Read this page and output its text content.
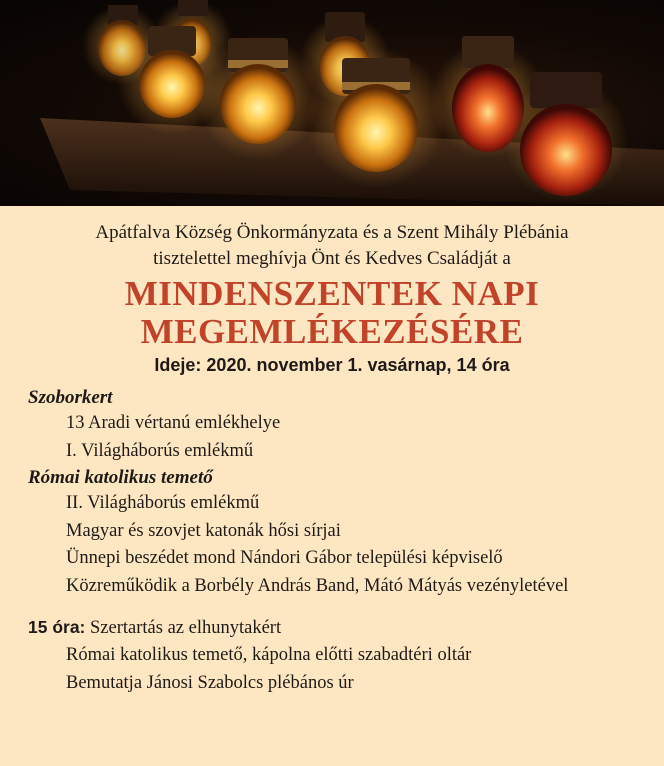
Apátfalva Község Önkormányzata és a Szent Mihály Plébánia
tisztelettel meghívja Önt és Kedves Családját a
MINDENSZENTEK NAPI
MEGEMLÉKEZÉSÉRE
Ideje: 2020. november 1. vasárnap, 14 óra
Szoborkert
13 Aradi vértanú emlékhelye
I. Világháborús emlékmű
Római katolikus temető
II. Világháborús emlékmű
Magyar és szovjet katonák hősi sírjai
Ünnepi beszédet mond Nándori Gábor települési képviselő
Közreműködik a Borbély András Band, Mátó Mátyás vezényletével
15 óra: Szertartás az elhunytakért
Római katolikus temető, kápolna előtti szabadtéri oltár
Bemutatja Jánosi Szabolcs plébános úr
